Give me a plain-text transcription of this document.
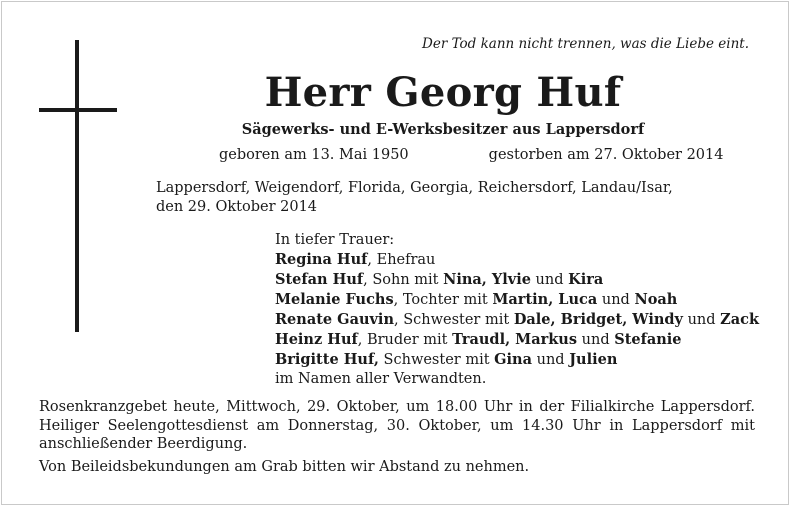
Der Tod kann nicht trennen, was die Liebe eint.
Herr Georg Huf
Sägewerks- und E-Werksbesitzer aus Lappersdorf
geboren am 13. Mai 1950	gestorben am 27. Oktober 2014
Lappersdorf, Weigendorf, Florida, Georgia, Reichersdorf, Landau/Isar,
den 29. Oktober 2014
In tiefer Trauer:
Regina Huf, Ehefrau
Stefan Huf, Sohn mit Nina, Ylvie und Kira
Melanie Fuchs, Tochter mit Martin, Luca und Noah
Renate Gauvin, Schwester mit Dale, Bridget, Windy und Zack
Heinz Huf, Bruder mit Traudl, Markus und Stefanie
Brigitte Huf, Schwester mit Gina und Julien
im Namen aller Verwandten.
Rosenkranzgebet heute, Mittwoch, 29. Oktober, um 18.00 Uhr in der Filialkirche Lappersdorf. Heiliger Seelengottesdienst am Donnerstag, 30. Oktober, um 14.30 Uhr in Lappersdorf mit anschließender Beerdigung.
Von Beileidsbekundungen am Grab bitten wir Abstand zu nehmen.
